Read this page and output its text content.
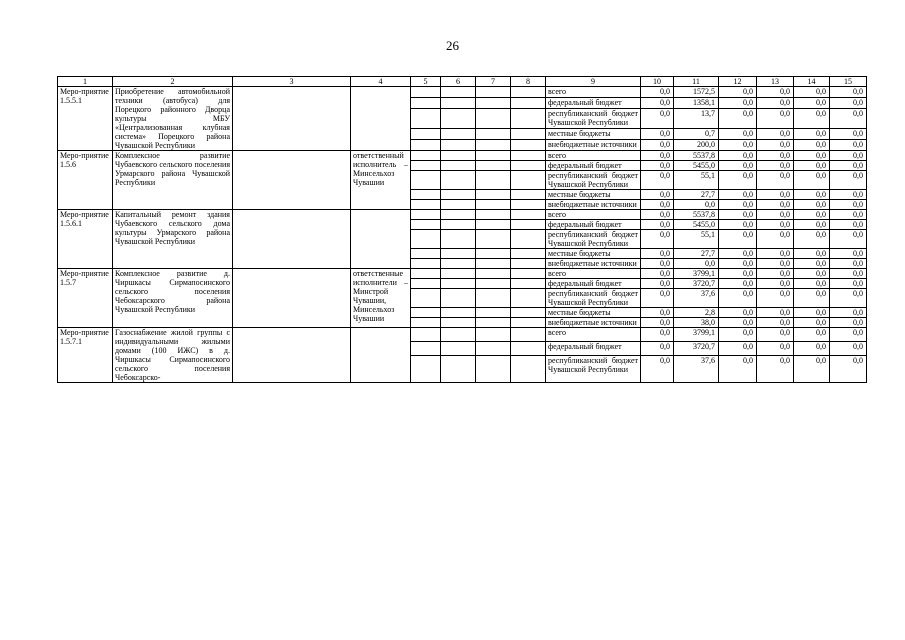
26
1	2	3	4	5	6	7	8	9	10	11	12	13	14	15
Меро-приятие 1.5.5.1	Приобретение автомобильной техники (автобуса) для Порецкого районного Дворца культуры МБУ «Централизованная клубная система» Порецкого района Чувашской Республики							всего	0,0	1572,5	0,0	0,0	0,0	0,0
								федеральный бюджет	0,0	1358,1	0,0	0,0	0,0	0,0
								республиканский бюджет Чувашской Республики	0,0	13,7	0,0	0,0	0,0	0,0
								местные бюджеты	0,0	0,7	0,0	0,0	0,0	0,0
								внебюджетные источники	0,0	200,0	0,0	0,0	0,0	0,0
Меро-приятие 1.5.6	Комплексное развитие Чубаевского сельского поселения Урмарского района Чувашской Республики		ответственный исполнитель – Минсельхоз Чувашии					всего	0,0	5537,8	0,0	0,0	0,0	0,0
								федеральный бюджет	0,0	5455,0	0,0	0,0	0,0	0,0
								республиканский бюджет Чувашской Республики	0,0	55,1	0,0	0,0	0,0	0,0
								местные бюджеты	0,0	27,7	0,0	0,0	0,0	0,0
								внебюджетные источники	0,0	0,0	0,0	0,0	0,0	0,0
Меро-приятие 1.5.6.1	Капитальный ремонт здания Чубаевского сельского дома культуры Урмарского района Чувашской Республики							всего	0,0	5537,8	0,0	0,0	0,0	0,0
								федеральный бюджет	0,0	5455,0	0,0	0,0	0,0	0,0
								республиканский бюджет Чувашской Республики	0,0	55,1	0,0	0,0	0,0	0,0
								местные бюджеты	0,0	27,7	0,0	0,0	0,0	0,0
								внебюджетные источники	0,0	0,0	0,0	0,0	0,0	0,0
Меро-приятие 1.5.7	Комплексное развитие д. Чиршкасы Сирмапосинского сельского поселения Чебоксарского района Чувашской Республики		ответственные исполнители – Минстрой Чувашии, Минсельхоз Чувашии					всего	0,0	3799,1	0,0	0,0	0,0	0,0
								федеральный бюджет	0,0	3720,7	0,0	0,0	0,0	0,0
								республиканский бюджет Чувашской Республики	0,0	37,6	0,0	0,0	0,0	0,0
								местные бюджеты	0,0	2,8	0,0	0,0	0,0	0,0
								внебюджетные источники	0,0	38,0	0,0	0,0	0,0	0,0
Меро-приятие 1.5.7.1	Газоснабжение жилой группы с индивидуальными жилыми домами (100 ИЖС) в д. Чиршкасы Сирмапосинского сельского поселения Чебоксарско-							всего	0,0	3799,1	0,0	0,0	0,0	0,0
								федеральный бюджет	0,0	3720,7	0,0	0,0	0,0	0,0
								республиканский бюджет Чувашской Республики	0,0	37,6	0,0	0,0	0,0	0,0
